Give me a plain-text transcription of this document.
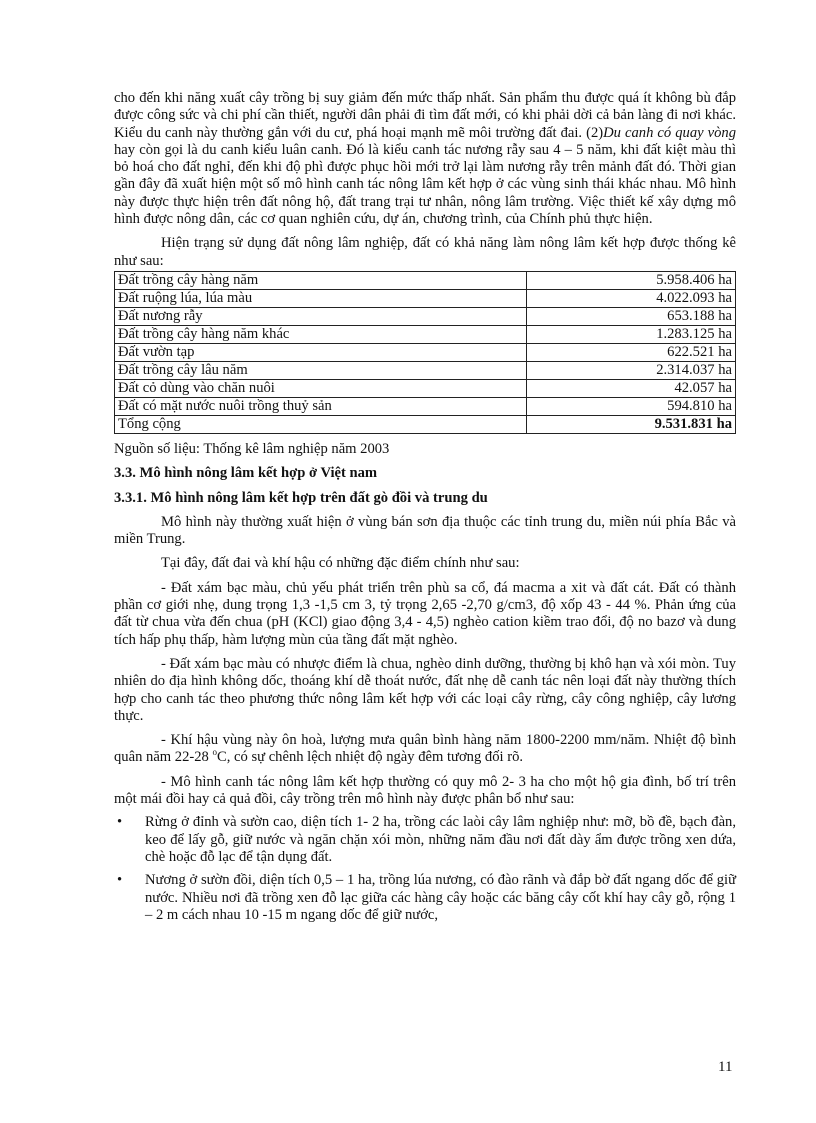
cho đến khi năng xuất cây trồng bị suy giảm đến mức thấp nhất. Sản phẩm thu được quá ít không bù đắp được công sức và chi phí cần thiết, người dân phải đi tìm đất mới, có khi phải dời cả bản làng đi nơi khác. Kiểu du canh này thường gắn với du cư, phá hoại mạnh mẽ môi trường đất đai. (2)Du canh có quay vòng hay còn gọi là du canh kiểu luân canh. Đó là kiểu canh tác nương rẫy sau 4 – 5 năm, khi đất kiệt màu thì bỏ hoá cho đất nghỉ, đến khi độ phì được phục hồi mới trở lại làm nương rẫy trên mảnh đất đó. Thời gian gần đây đã xuất hiện một số mô hình canh tác nông lâm kết hợp ở các vùng sinh thái khác nhau. Mô hình này được thực hiện trên đất nông hộ, đất trang trại tư nhân, nông lâm trường. Việc thiết kế xây dựng mô hình được nông dân, các cơ quan nghiên cứu, dự án, chương trình, của Chính phủ thực hiện.

Hiện trạng sử dụng đất nông lâm nghiệp, đất có khả năng làm nông lâm kết hợp được thống kê như sau:

Đất trồng cây hàng năm	5.958.406 ha
Đất ruộng lúa, lúa màu	4.022.093 ha
Đất nương rẫy	653.188 ha
Đất trồng cây hàng năm khác	1.283.125 ha
Đất vườn tạp	622.521 ha
Đất trồng cây lâu năm	2.314.037 ha
Đất cỏ dùng vào chăn nuôi	42.057 ha
Đất có mặt nước nuôi trồng thuỷ sản	594.810 ha
Tổng cộng	9.531.831 ha

Nguồn số liệu: Thống kê lâm nghiệp năm 2003

3.3. Mô hình nông lâm kết hợp ở Việt nam

3.3.1. Mô hình nông lâm kết hợp trên đất gò đồi và trung du

Mô hình này thường xuất hiện ở vùng bán sơn địa thuộc các tỉnh trung du, miền núi phía Bắc và miền Trung.

Tại đây, đất đai và khí hậu có những đặc điểm chính như sau:

- Đất xám bạc màu, chủ yếu phát triển trên phù sa cổ, đá macma a xit và đất cát. Đất có thành phần cơ giới nhẹ, dung trọng 1,3 -1,5 cm 3, tỷ trọng 2,65 -2,70 g/cm3, độ xốp 43 - 44 %. Phản ứng của đất từ chua vừa đến chua (pH (KCl) giao động 3,4 - 4,5) nghèo cation kiềm trao đổi, độ no bazơ và dung tích hấp phụ thấp, hàm lượng mùn của tầng đất mặt nghèo.

- Đất xám bạc màu có nhược điểm là chua, nghèo dinh dưỡng, thường bị khô hạn và xói mòn. Tuy nhiên do địa hình không dốc, thoáng khí dễ thoát nước, đất nhẹ dễ canh tác nên loại đất này thường thích hợp cho canh tác theo phương thức nông lâm kết hợp với các loại cây rừng, cây công nghiệp, cây lương thực.

- Khí hậu vùng này ôn hoà, lượng mưa quân bình hàng năm 1800-2200 mm/năm. Nhiệt độ bình quân năm 22-28 $^o$C, có sự chênh lệch nhiệt độ ngày đêm tương đối rõ.

- Mô hình canh tác nông lâm kết hợp thường có quy mô 2- 3 ha cho một hộ gia đình, bố trí trên một mái đồi hay cả quả đồi, cây trồng trên mô hình này được phân bổ như sau:

• Rừng ở đỉnh và sườn cao, diện tích 1- 2 ha, trồng các laòi cây lâm nghiệp như: mỡ, bồ đề, bạch đàn, keo để lấy gỗ, giữ nước và ngăn chặn xói mòn, những năm đầu nơi đất dày ẩm được trồng xen dứa, chè hoặc đỗ lạc để tận dụng đất.
• Nương ở sườn đồi, diện tích 0,5 – 1 ha, trồng lúa nương, có đào rãnh và đắp bờ đất ngang dốc để giữ nước. Nhiều nơi đã trồng xen đỗ lạc giữa các hàng cây hoặc các băng cây cốt khí hay cây gỗ, rộng 1 – 2 m cách nhau 10 -15 m ngang dốc để giữ nước,
11
